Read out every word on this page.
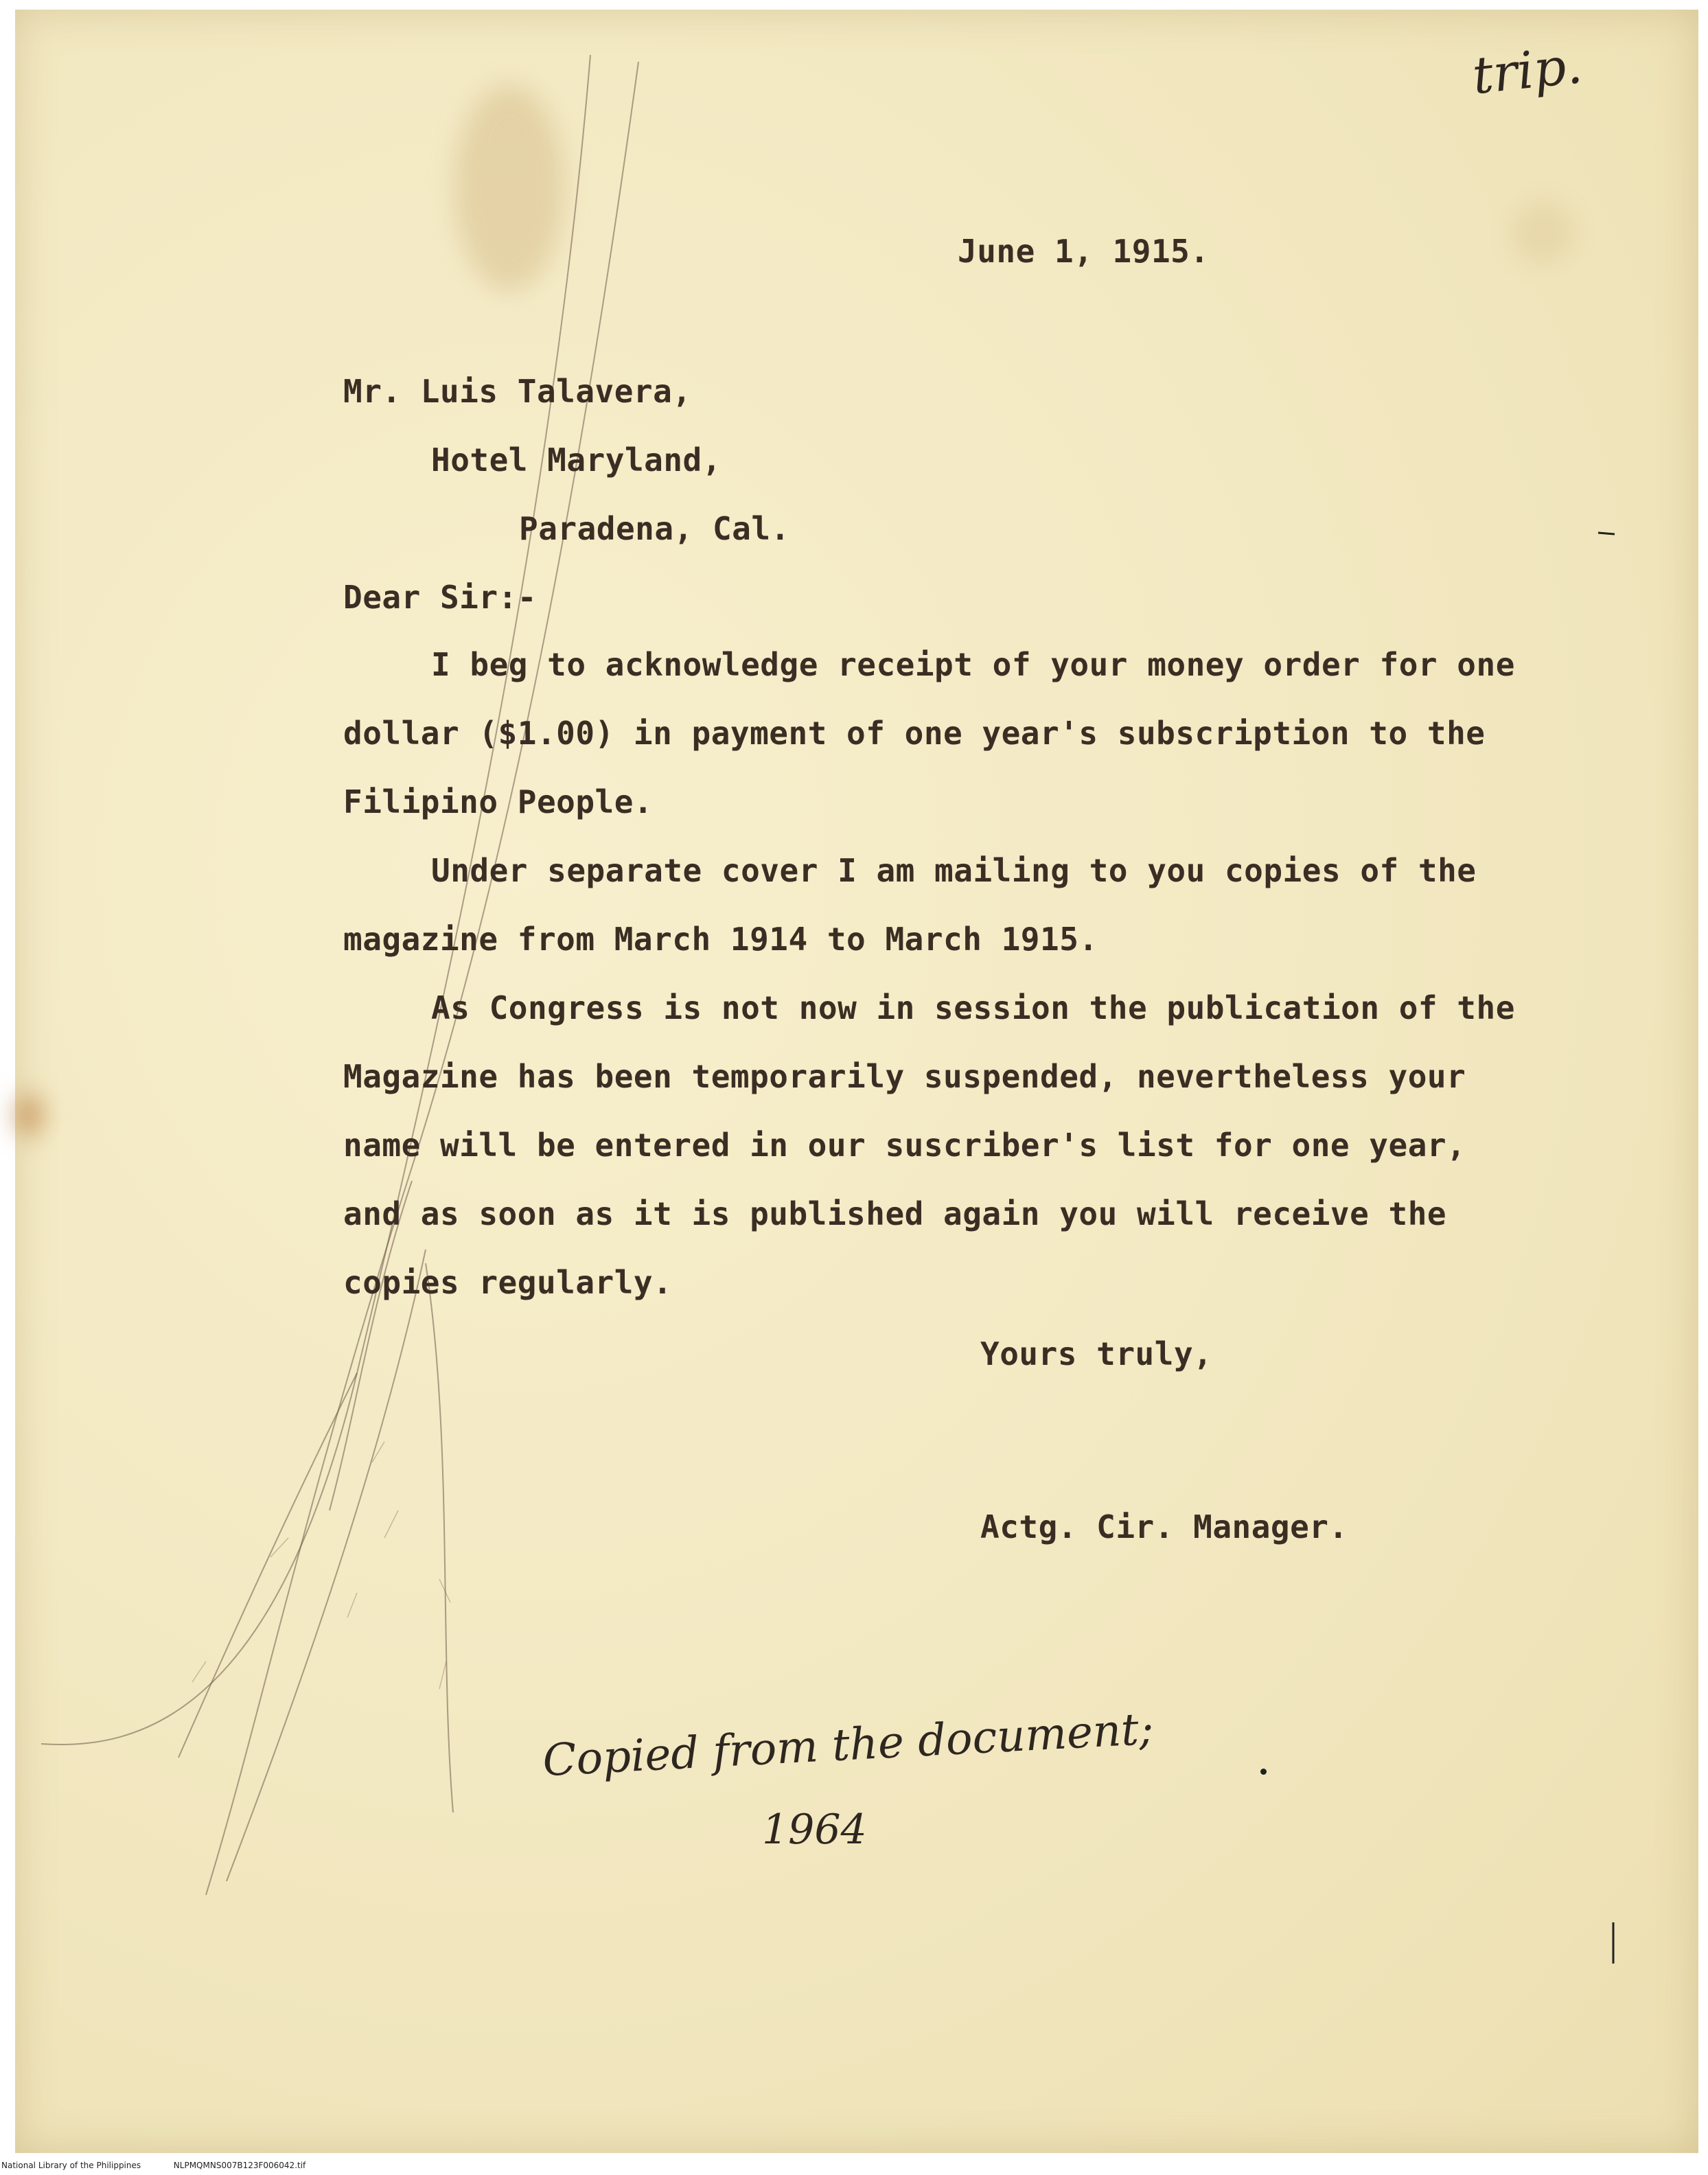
trip.
June 1, 1915.
Mr. Luis Talavera,
Hotel Maryland,
Paradena, Cal.
Dear Sir:-
I beg to acknowledge receipt of your money order for one
dollar ($1.00) in payment of one year's subscription to the
Filipino People.
Under separate cover I am mailing to you copies of the
magazine from March 1914 to March 1915.
As Congress is not now in session the publication of the
Magazine has been temporarily suspended, nevertheless your
name will be entered in our suscriber's list for one year,
and as soon as it is published again you will receive the
copies regularly.
Yours truly,
Actg. Cir. Manager.
Copied from the document;
1964
National Library of the Philippines	NLPMQMNS007B123F006042.tif
